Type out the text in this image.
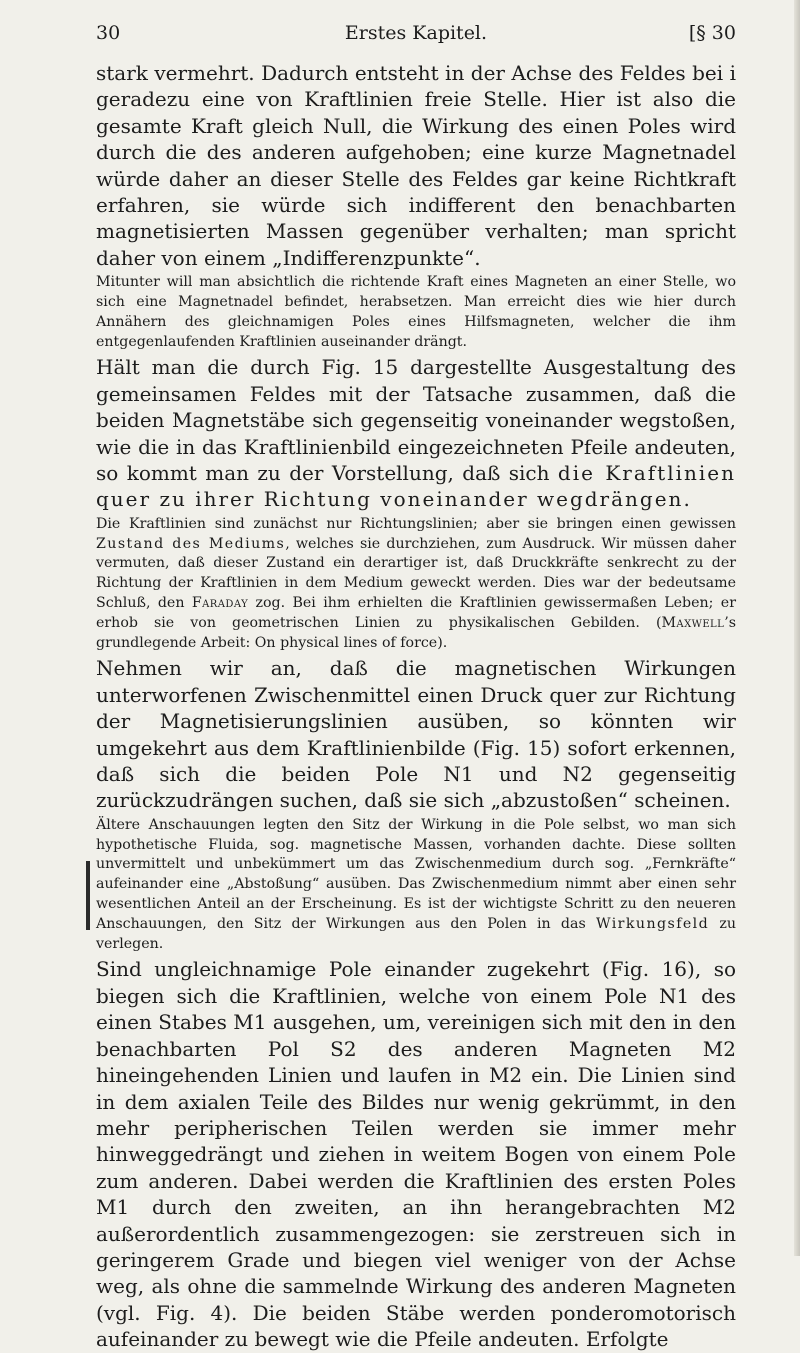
30	Erstes Kapitel.	[§ 30

stark vermehrt. Dadurch entsteht in der Achse des Feldes bei i geradezu eine von Kraftlinien freie Stelle. Hier ist also die gesamte Kraft gleich Null, die Wirkung des einen Poles wird durch die des anderen aufgehoben; eine kurze Magnetnadel würde daher an dieser Stelle des Feldes gar keine Richtkraft erfahren, sie würde sich indifferent den benachbarten magnetisierten Massen gegenüber verhalten; man spricht daher von einem „Indifferenzpunkte“.

Mitunter will man absichtlich die richtende Kraft eines Magneten an einer Stelle, wo sich eine Magnetnadel befindet, herabsetzen. Man erreicht dies wie hier durch Annähern des gleichnamigen Poles eines Hilfsmagneten, welcher die ihm entgegenlaufenden Kraftlinien auseinander drängt.

Hält man die durch Fig. 15 dargestellte Ausgestaltung des gemeinsamen Feldes mit der Tatsache zusammen, daß die beiden Magnetstäbe sich gegenseitig voneinander wegstoßen, wie die in das Kraftlinienbild eingezeichneten Pfeile andeuten, so kommt man zu der Vorstellung, daß sich die Kraftlinien quer zu ihrer Richtung voneinander wegdrängen.

Die Kraftlinien sind zunächst nur Richtungslinien; aber sie bringen einen gewissen Zustand des Mediums, welches sie durchziehen, zum Ausdruck. Wir müssen daher vermuten, daß dieser Zustand ein derartiger ist, daß Druckkräfte senkrecht zu der Richtung der Kraftlinien in dem Medium geweckt werden. Dies war der bedeutsame Schluß, den Faraday zog. Bei ihm erhielten die Kraftlinien gewissermaßen Leben; er erhob sie von geometrischen Linien zu physikalischen Gebilden. (Maxwell’s grundlegende Arbeit: On physical lines of force).

Nehmen wir an, daß die magnetischen Wirkungen unterworfenen Zwischenmittel einen Druck quer zur Richtung der Magnetisierungslinien ausüben, so könnten wir umgekehrt aus dem Kraftlinienbilde (Fig. 15) sofort erkennen, daß sich die beiden Pole N1 und N2 gegenseitig zurückzudrängen suchen, daß sie sich „abzustoßen“ scheinen.

Ältere Anschauungen legten den Sitz der Wirkung in die Pole selbst, wo man sich hypothetische Fluida, sog. magnetische Massen, vorhanden dachte. Diese sollten unvermittelt und unbekümmert um das Zwischenmedium durch sog. „Fernkräfte“ aufeinander eine „Abstoßung“ ausüben. Das Zwischenmedium nimmt aber einen sehr wesentlichen Anteil an der Erscheinung. Es ist der wichtigste Schritt zu den neueren Anschauungen, den Sitz der Wirkungen aus den Polen in das Wirkungsfeld zu verlegen.

Sind ungleichnamige Pole einander zugekehrt (Fig. 16), so biegen sich die Kraftlinien, welche von einem Pole N1 des einen Stabes M1 ausgehen, um, vereinigen sich mit den in den benachbarten Pol S2 des anderen Magneten M2 hineingehenden Linien und laufen in M2 ein. Die Linien sind in dem axialen Teile des Bildes nur wenig gekrümmt, in den mehr peripherischen Teilen werden sie immer mehr hinweggedrängt und ziehen in weitem Bogen von einem Pole zum anderen. Dabei werden die Kraftlinien des ersten Poles M1 durch den zweiten, an ihn herangebrachten M2 außerordentlich zusammengezogen: sie zerstreuen sich in geringerem Grade und biegen viel weniger von der Achse weg, als ohne die sammelnde Wirkung des anderen Magneten (vgl. Fig. 4). Die beiden Stäbe werden ponderomotorisch aufeinander zu bewegt wie die Pfeile andeuten. Erfolgte
